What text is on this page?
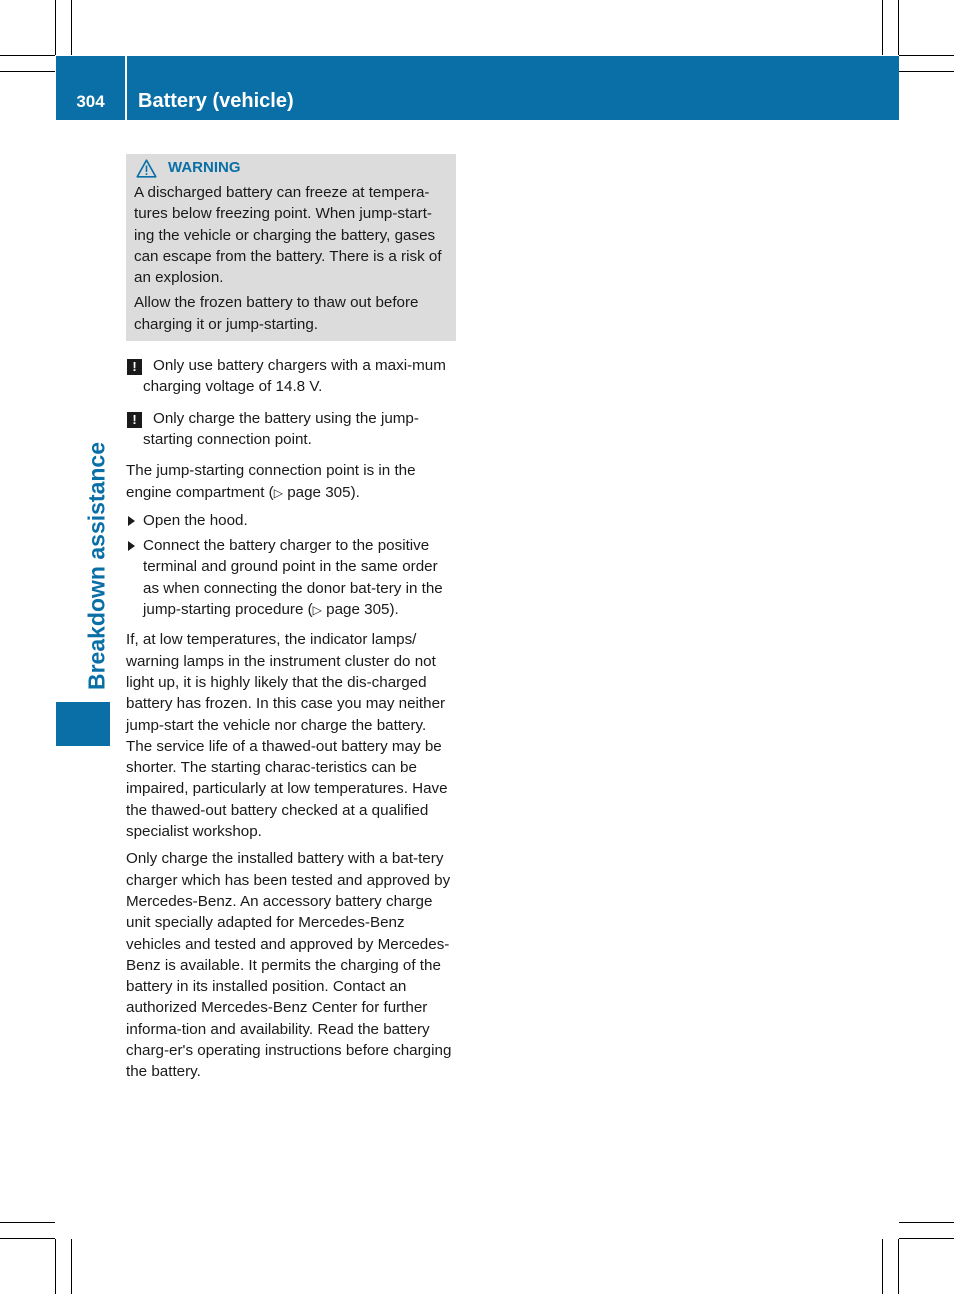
304	Battery (vehicle)
Breakdown assistance
WARNING

A discharged battery can freeze at tempera-tures below freezing point. When jump-start-ing the vehicle or charging the battery, gases can escape from the battery. There is a risk of an explosion.

Allow the frozen battery to thaw out before charging it or jump-starting.

!	Only use battery chargers with a maxi-mum charging voltage of 14.8 V.
!	Only charge the battery using the jump-starting connection point.

The jump-starting connection point is in the engine compartment (▷ page 305).

Open the hood.
Connect the battery charger to the positive terminal and ground point in the same order as when connecting the donor bat-tery in the jump-starting procedure (▷ page 305).

If, at low temperatures, the indicator lamps/ warning lamps in the instrument cluster do not light up, it is highly likely that the dis-charged battery has frozen. In this case you may neither jump-start the vehicle nor charge the battery. The service life of a thawed-out battery may be shorter. The starting charac-teristics can be impaired, particularly at low temperatures. Have the thawed-out battery checked at a qualified specialist workshop.

Only charge the installed battery with a bat-tery charger which has been tested and approved by Mercedes-Benz. An accessory battery charge unit specially adapted for Mercedes-Benz vehicles and tested and approved by Mercedes-Benz is available. It permits the charging of the battery in its installed position. Contact an authorized Mercedes-Benz Center for further informa-tion and availability. Read the battery charg-er's operating instructions before charging the battery.
